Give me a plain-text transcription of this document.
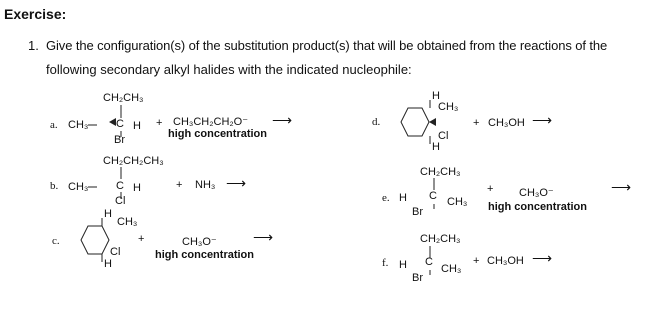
Exercise:
1. Give the configuration(s) of the substitution product(s) that will be obtained from the reactions of the
following secondary alkyl halides with the indicated nucleophile:
a.
CH₂CH₃
CH₃	C H
Br
+ CH₃CH₂CH₂O⁻
high concentration
⟶
b.
CH₂CH₂CH₃
CH₃	C H
Cl
+ NH₃ ⟶
c.
H
CH₃
Cl
H
+	CH₃O⁻
high concentration
⟶
d.
H
CH₃
Cl
H
+ CH₃OH ⟶
e.
CH₂CH₃
H C CH₃
Br
+ CH₃O⁻
high concentration
⟶
f.
CH₂CH₃
H C
CH₃
Br
+ CH₃OH ⟶
